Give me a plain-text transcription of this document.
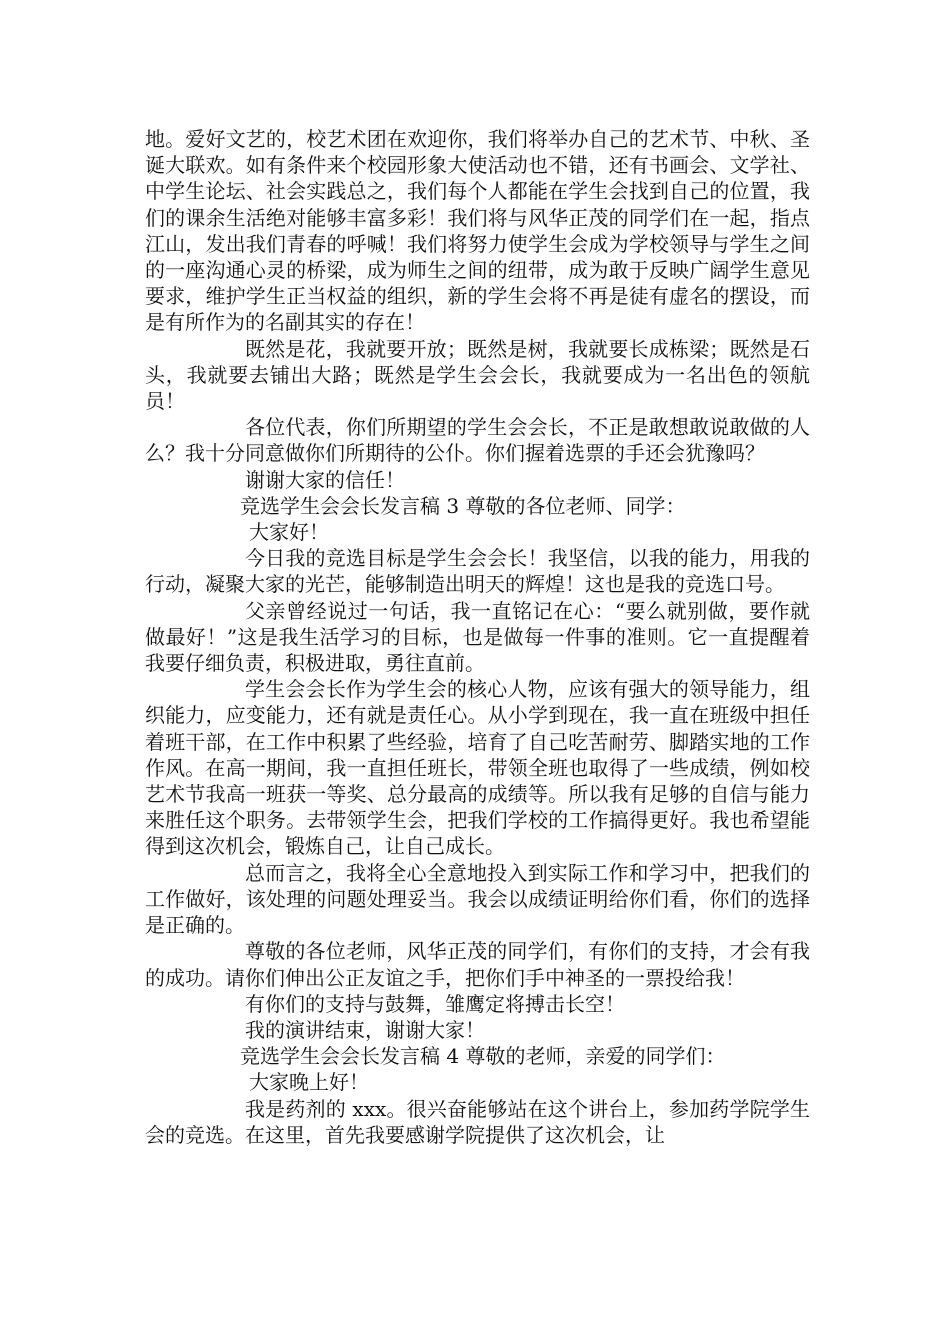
地。爱好文艺的，校艺术团在欢迎你，我们将举办自己的艺术节、中秋、圣诞大联欢。如有条件来个校园形象大使活动也不错，还有书画会、文学社、中学生论坛、社会实践总之，我们每个人都能在学生会找到自己的位置，我们的课余生活绝对能够丰富多彩！我们将与风华正茂的同学们在一起，指点江山，发出我们青春的呼喊！我们将努力使学生会成为学校领导与学生之间的一座沟通心灵的桥梁，成为师生之间的纽带，成为敢于反映广阔学生意见要求，维护学生正当权益的组织，新的学生会将不再是徒有虚名的摆设，而是有所作为的名副其实的存在！

既然是花，我就要开放；既然是树，我就要长成栋梁；既然是石头，我就要去铺出大路；既然是学生会会长，我就要成为一名出色的领航员！

各位代表，你们所期望的学生会会长，不正是敢想敢说敢做的人么？我十分同意做你们所期待的公仆。你们握着选票的手还会犹豫吗？

谢谢大家的信任！

竞选学生会会长发言稿 3 尊敬的各位老师、同学：

大家好！

今日我的竞选目标是学生会会长！我坚信，以我的能力，用我的行动，凝聚大家的光芒，能够制造出明天的辉煌！这也是我的竞选口号。

父亲曾经说过一句话，我一直铭记在心：“要么就别做，要作就做最好！”这是我生活学习的目标，也是做每一件事的准则。它一直提醒着我要仔细负责，积极进取，勇往直前。

学生会会长作为学生会的核心人物，应该有强大的领导能力，组织能力，应变能力，还有就是责任心。从小学到现在，我一直在班级中担任着班干部，在工作中积累了些经验，培育了自己吃苦耐劳、脚踏实地的工作作风。在高一期间，我一直担任班长，带领全班也取得了一些成绩，例如校艺术节我高一班获一等奖、总分最高的成绩等。所以我有足够的自信与能力来胜任这个职务。去带领学生会，把我们学校的工作搞得更好。我也希望能得到这次机会，锻炼自己，让自己成长。

总而言之，我将全心全意地投入到实际工作和学习中，把我们的工作做好，该处理的问题处理妥当。我会以成绩证明给你们看，你们的选择是正确的。

尊敬的各位老师，风华正茂的同学们，有你们的支持，才会有我的成功。请你们伸出公正友谊之手，把你们手中神圣的一票投给我！

有你们的支持与鼓舞，雏鹰定将搏击长空！

我的演讲结束，谢谢大家！

竞选学生会会长发言稿 4 尊敬的老师，亲爱的同学们：

大家晚上好！

我是药剂的 xxx。很兴奋能够站在这个讲台上，参加药学院学生会的竞选。在这里，首先我要感谢学院提供了这次机会，让
